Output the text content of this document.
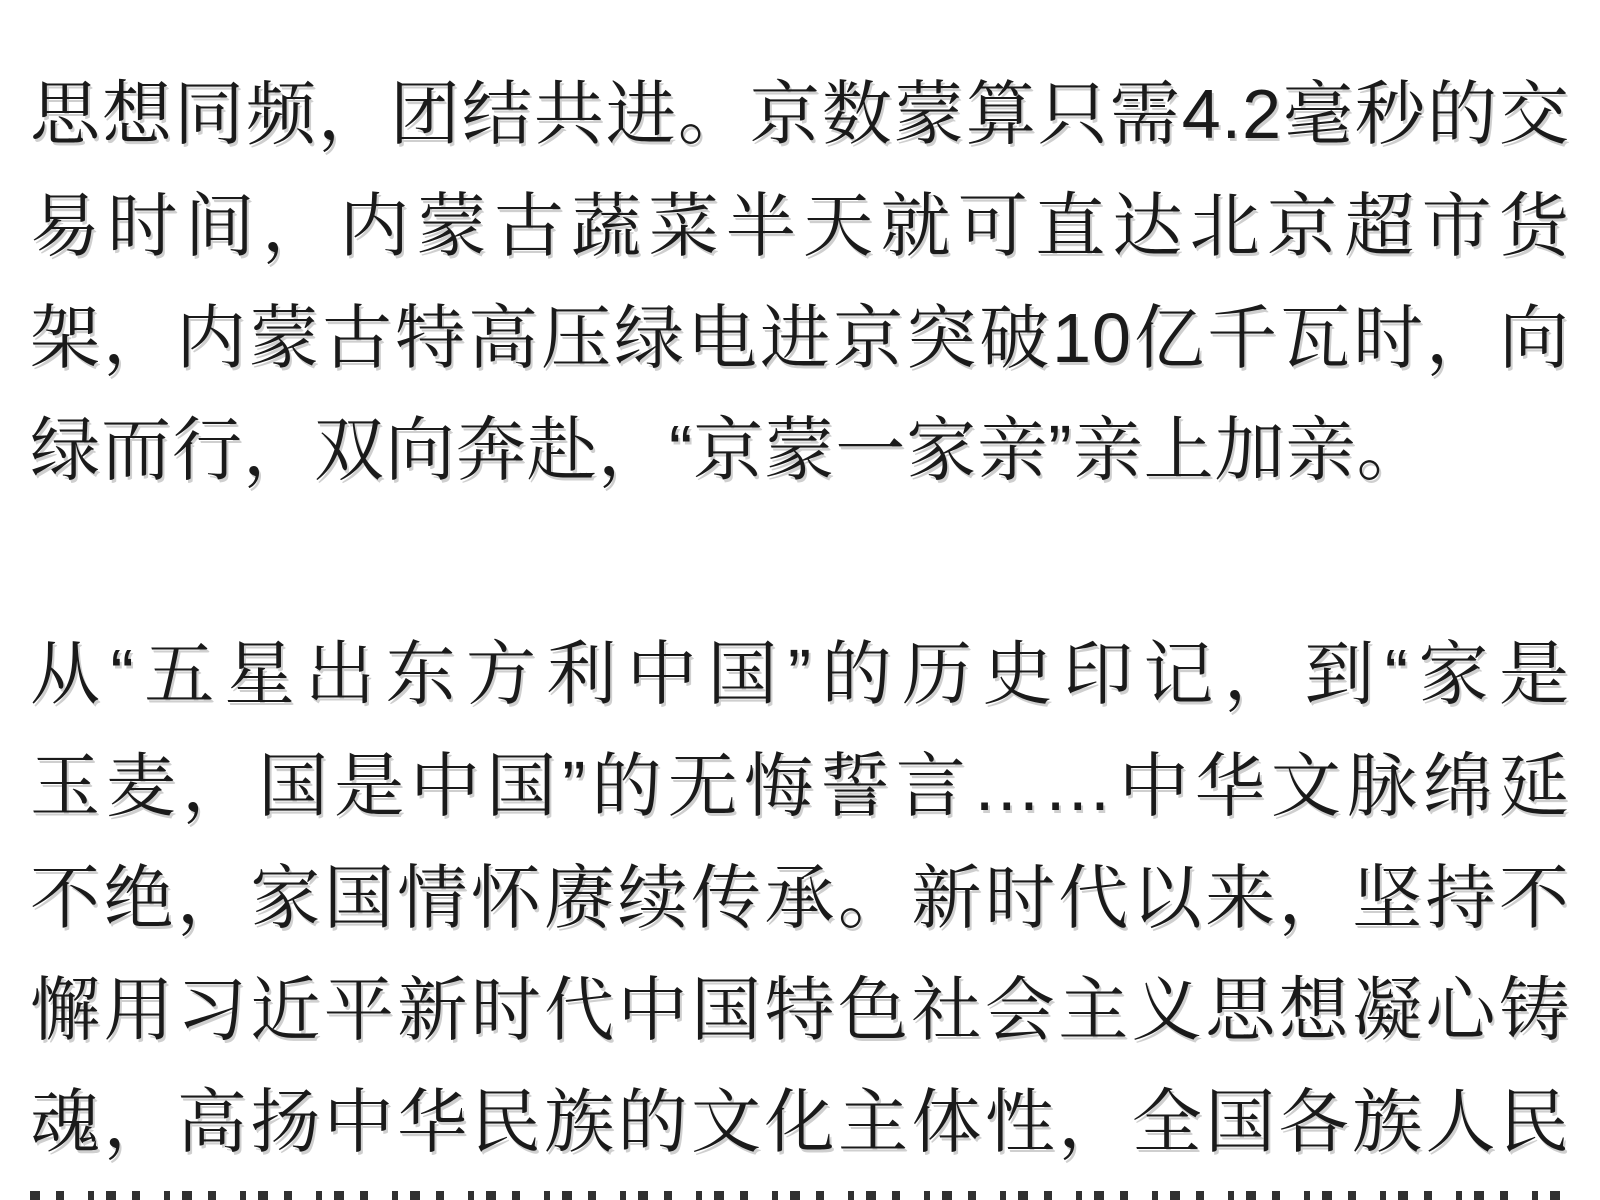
思想同频，团结共进。京数蒙算只需4.2毫秒的交
易时间，内蒙古蔬菜半天就可直达北京超市货
架，内蒙古特高压绿电进京突破10亿千瓦时，向
绿而行，双向奔赴，“京蒙一家亲”亲上加亲。
从“五星出东方利中国”的历史印记，到“家是
玉麦，国是中国”的无悔誓言……中华文脉绵延
不绝，家国情怀赓续传承。新时代以来，坚持不
懈用习近平新时代中国特色社会主义思想凝心铸
魂，高扬中华民族的文化主体性，全国各族人民
